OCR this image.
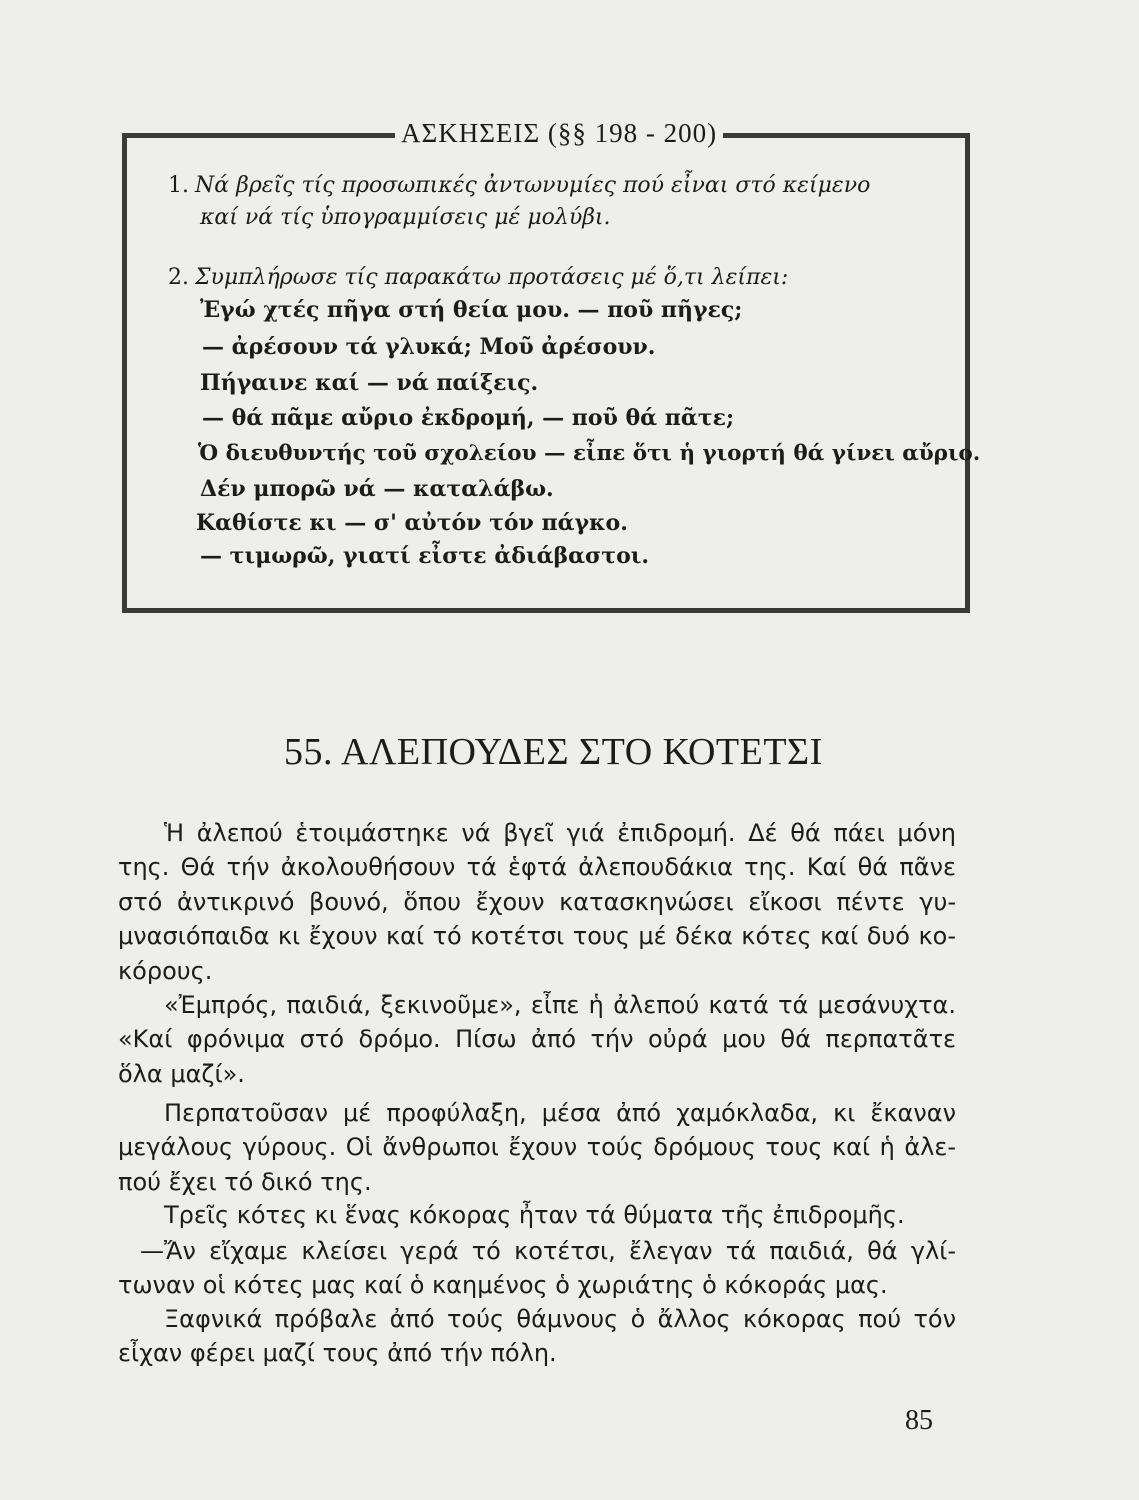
ΑΣΚΗΣΕΙΣ (§§ 198 - 200)
1. Νά βρεῖς τίς προσωπικές ἀντωνυμίες πού εἶναι στό κείμενο
καί νά τίς ὑπογραμμίσεις μέ μολύβι.
2. Συμπλήρωσε τίς παρακάτω προτάσεις μέ ὅ,τι λείπει:
Ἐγώ χτές πῆγα στή θεία μου. — ποῦ πῆγες;
— ἀρέσουν τά γλυκά; Μοῦ ἀρέσουν.
Πήγαινε καί — νά παίξεις.
— θά πᾶμε αὔριο ἐκδρομή, — ποῦ θά πᾶτε;
Ὁ διευθυντής τοῦ σχολείου — εἶπε ὅτι ἡ γιορτή θά γίνει αὔριο.
Δέν μπορῶ νά — καταλάβω.
Καθίστε κι — σ' αὐτόν τόν πάγκο.
— τιμωρῶ, γιατί εἶστε ἀδιάβαστοι.
55. ΑΛΕΠΟΥΔΕΣ ΣΤΟ ΚΟΤΕΤΣΙ
Ἡ ἀλεπού ἑτοιμάστηκε νά βγεῖ γιά ἐπιδρομή. Δέ θά πάει μόνη
της. Θά τήν ἀκολουθήσουν τά ἑφτά ἀλεπουδάκια της. Καί θά πᾶνε
στό ἀντικρινό βουνό, ὅπου ἔχουν κατασκηνώσει εἴκοσι πέντε γυ-
μνασιόπαιδα κι ἔχουν καί τό κοτέτσι τους μέ δέκα κότες καί δυό κο-
κόρους.
«Ἐμπρός, παιδιά, ξεκινοῦμε», εἶπε ἡ ἀλεπού κατά τά μεσάνυχτα.
«Καί φρόνιμα στό δρόμο. Πίσω ἀπό τήν οὐρά μου θά περπατᾶτε
ὅλα μαζί».
Περπατοῦσαν μέ προφύλαξη, μέσα ἀπό χαμόκλαδα, κι ἔκαναν
μεγάλους γύρους. Οἱ ἄνθρωποι ἔχουν τούς δρόμους τους καί ἡ ἀλε-
πού ἔχει τό δικό της.
Τρεῖς κότες κι ἕνας κόκορας ἦταν τά θύματα τῆς ἐπιδρομῆς.
—Ἄν εἴχαμε κλείσει γερά τό κοτέτσι, ἔλεγαν τά παιδιά, θά γλί-
τωναν οἱ κότες μας καί ὁ καημένος ὁ χωριάτης ὁ κόκοράς μας.
Ξαφνικά πρόβαλε ἀπό τούς θάμνους ὁ ἄλλος κόκορας πού τόν
εἶχαν φέρει μαζί τους ἀπό τήν πόλη.
85
